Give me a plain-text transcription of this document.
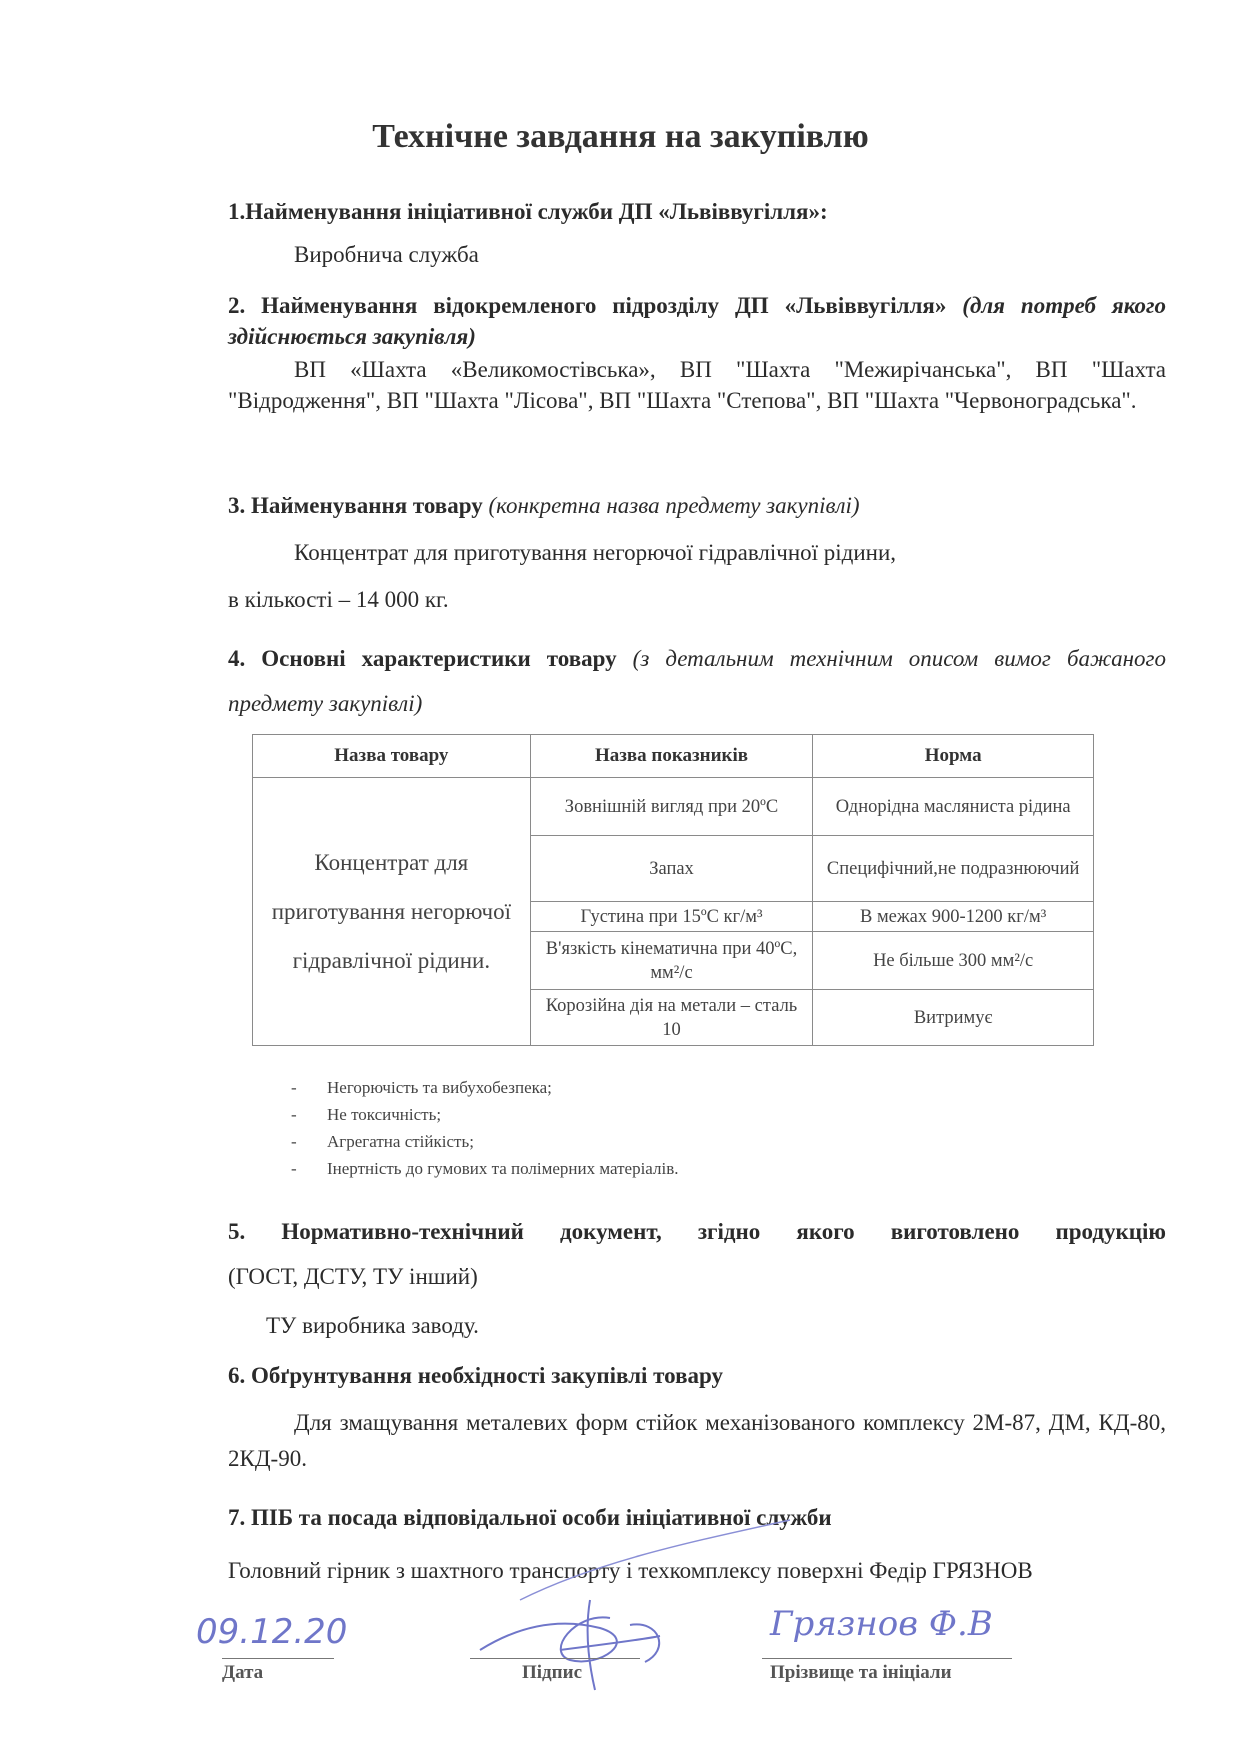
Технічне завдання на закупівлю
1.Найменування ініціативної служби ДП «Львіввугілля»:
Виробнича служба
2. Найменування відокремленого підрозділу ДП «Львіввугілля» (для потреб якого здійснюється закупівля)
ВП «Шахта «Великомостівська», ВП "Шахта "Межирічанська", ВП "Шахта "Відродження", ВП "Шахта "Лісова", ВП "Шахта "Степова", ВП "Шахта "Червоноградська".
3. Найменування товару (конкретна назва предмету закупівлі)
Концентрат для приготування негорючої гідравлічної рідини,
в кількості – 14 000 кг.
4. Основні характеристики товару (з детальним технічним описом вимог бажаного предмету закупівлі)
Назва товару	Назва показників	Норма
Концентрат для приготування негорючої гідравлічної рідини.	Зовнішній вигляд при 20ºС	Однорідна масляниста рідина
	Запах	Специфічний,не подразнюючий
	Густина при 15ºС кг/м³	В межах 900-1200 кг/м³
	В'язкість кінематична при 40ºС, мм²/с	Не більше 300 мм²/с
	Корозійна дія на метали – сталь 10	Витримує
- Негорючість та вибухобезпека;
- Не токсичність;
- Агрегатна стійкість;
- Інертність до гумових та полімерних матеріалів.
5. Нормативно-технічний документ, згідно якого виготовлено продукцію
(ГОСТ, ДСТУ, ТУ інший)
ТУ виробника заводу.
6. Обґрунтування необхідності закупівлі товару
Для змащування металевих форм стійок механізованого комплексу 2М-87, ДМ, КД-80, 2КД-90.
7. ПІБ та посада відповідальної особи ініціативної служби
Головний гірник з шахтного транспорту і техкомплексу поверхні Федір ГРЯЗНОВ
09.12.20	Грязнов Ф.В
Дата	Підпис	Прізвище та ініціали
